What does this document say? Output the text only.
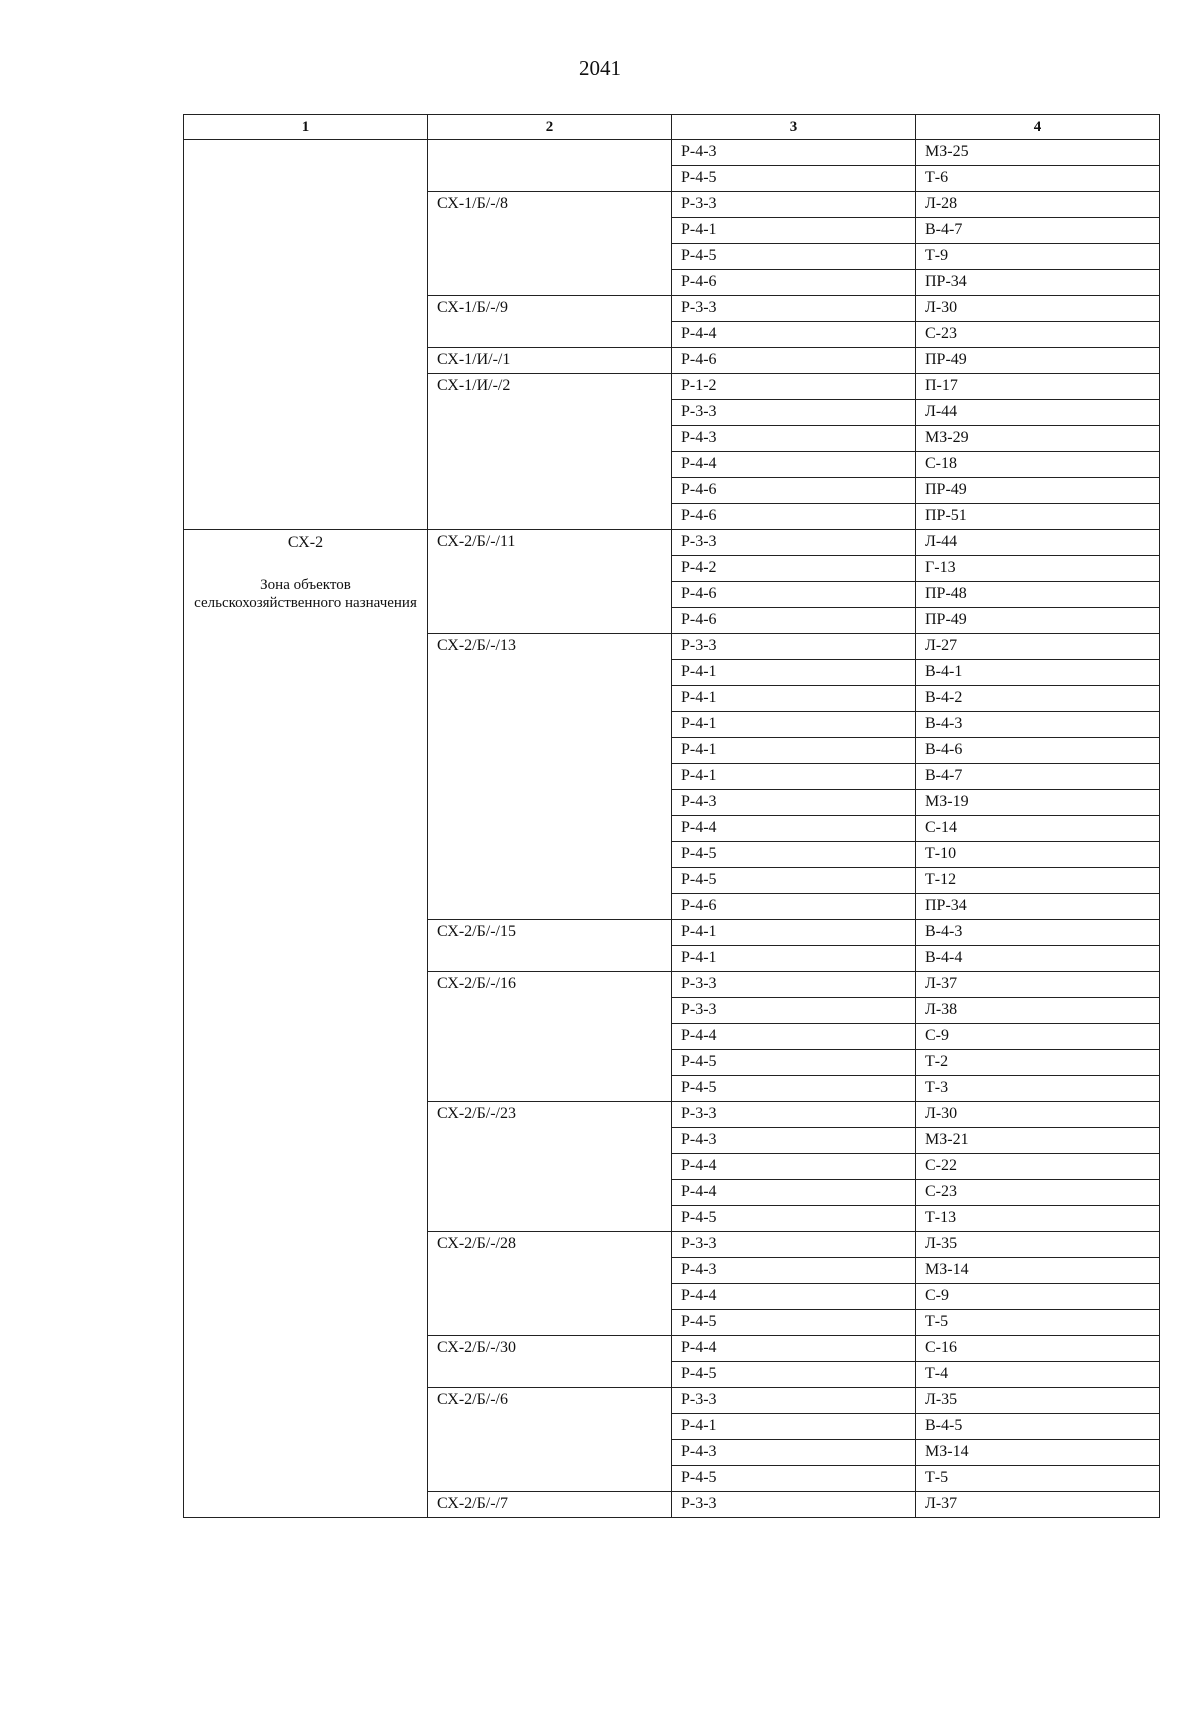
2041
1	2	3	4
		Р-4-3	МЗ-25
		Р-4-5	Т-6
	СХ-1/Б/-/8	Р-3-3	Л-28
		Р-4-1	В-4-7
		Р-4-5	Т-9
		Р-4-6	ПР-34
	СХ-1/Б/-/9	Р-3-3	Л-30
		Р-4-4	С-23
	СХ-1/И/-/1	Р-4-6	ПР-49
	СХ-1/И/-/2	Р-1-2	П-17
		Р-3-3	Л-44
		Р-4-3	МЗ-29
		Р-4-4	С-18
		Р-4-6	ПР-49
		Р-4-6	ПР-51

СХ-2
Зона объектов сельскохозяйственного назначения	СХ-2/Б/-/11	Р-3-3	Л-44
		Р-4-2	Г-13
		Р-4-6	ПР-48
		Р-4-6	ПР-49
	СХ-2/Б/-/13	Р-3-3	Л-27
		Р-4-1	В-4-1
		Р-4-1	В-4-2
		Р-4-1	В-4-3
		Р-4-1	В-4-6
		Р-4-1	В-4-7
		Р-4-3	МЗ-19
		Р-4-4	С-14
		Р-4-5	Т-10
		Р-4-5	Т-12
		Р-4-6	ПР-34
	СХ-2/Б/-/15	Р-4-1	В-4-3
		Р-4-1	В-4-4
	СХ-2/Б/-/16	Р-3-3	Л-37
		Р-3-3	Л-38
		Р-4-4	С-9
		Р-4-5	Т-2
		Р-4-5	Т-3
	СХ-2/Б/-/23	Р-3-3	Л-30
		Р-4-3	МЗ-21
		Р-4-4	С-22
		Р-4-4	С-23
		Р-4-5	Т-13
	СХ-2/Б/-/28	Р-3-3	Л-35
		Р-4-3	МЗ-14
		Р-4-4	С-9
		Р-4-5	Т-5
	СХ-2/Б/-/30	Р-4-4	С-16
		Р-4-5	Т-4
	СХ-2/Б/-/6	Р-3-3	Л-35
		Р-4-1	В-4-5
		Р-4-3	МЗ-14
		Р-4-5	Т-5
	СХ-2/Б/-/7	Р-3-3	Л-37
